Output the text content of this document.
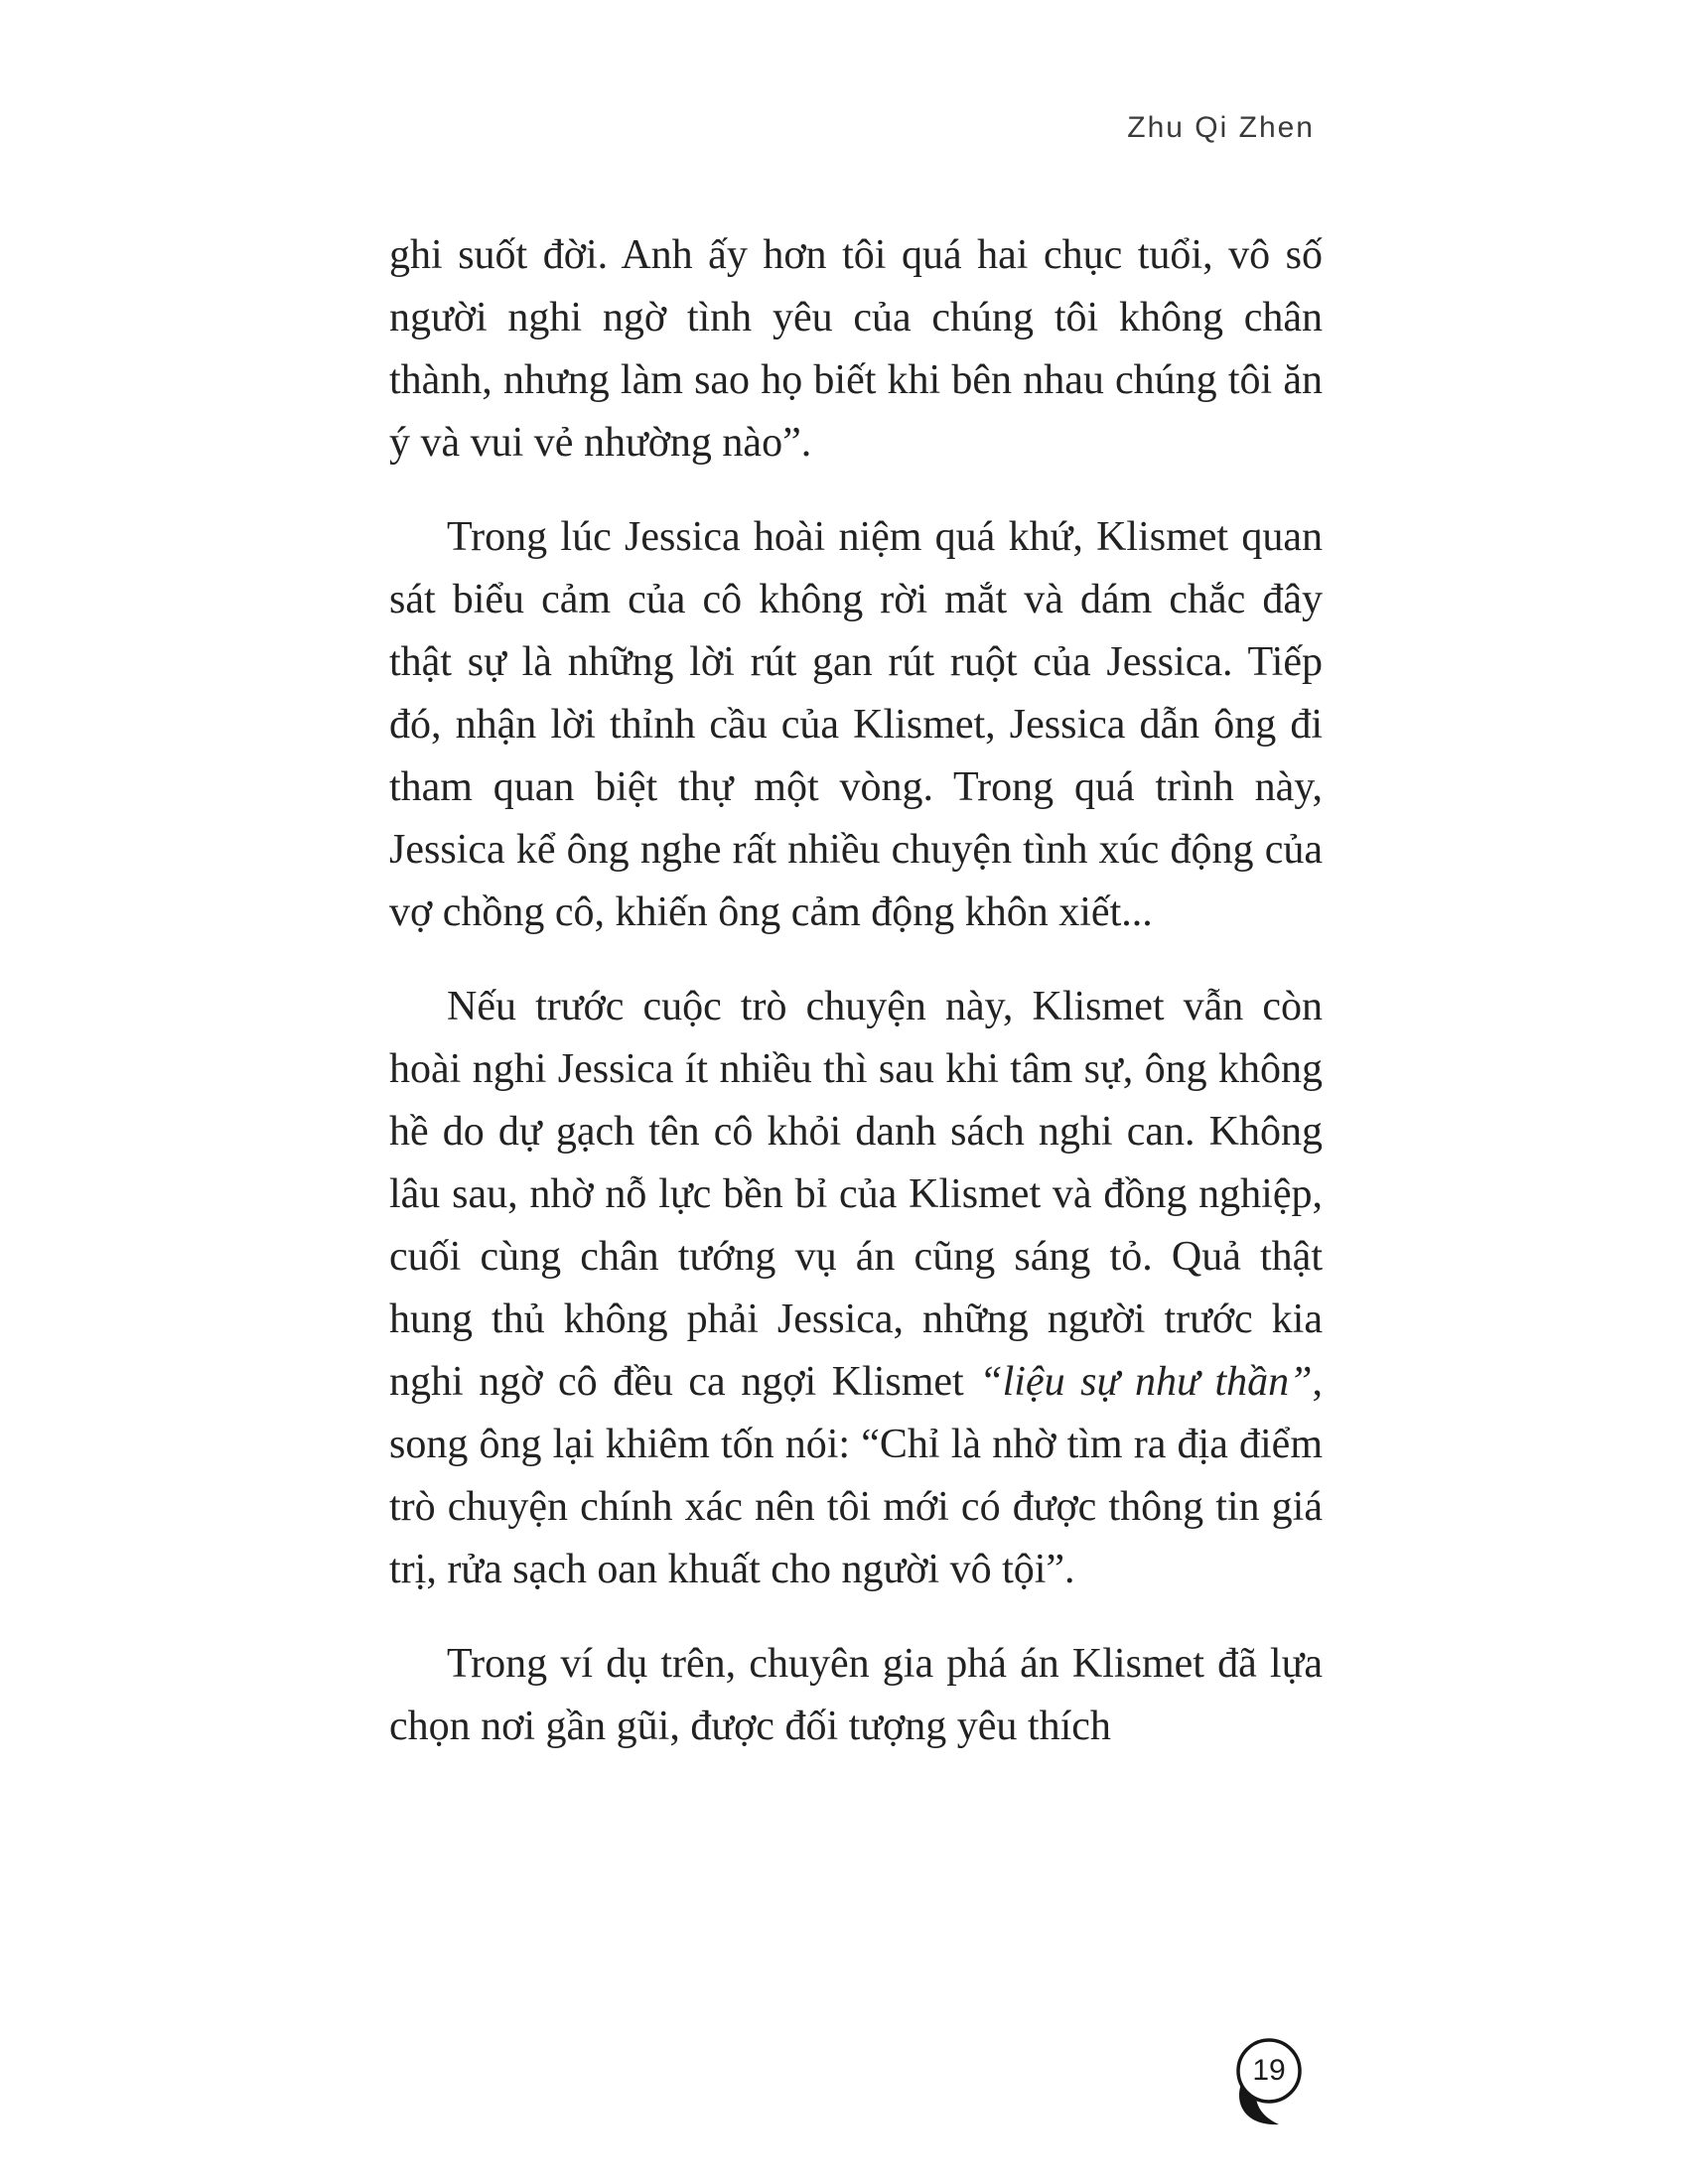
Zhu Qi Zhen

ghi suốt đời. Anh ấy hơn tôi quá hai chục tuổi, vô số người nghi ngờ tình yêu của chúng tôi không chân thành, nhưng làm sao họ biết khi bên nhau chúng tôi ăn ý và vui vẻ nhường nào”.

Trong lúc Jessica hoài niệm quá khứ, Klismet quan sát biểu cảm của cô không rời mắt và dám chắc đây thật sự là những lời rút gan rút ruột của Jessica. Tiếp đó, nhận lời thỉnh cầu của Klismet, Jessica dẫn ông đi tham quan biệt thự một vòng. Trong quá trình này, Jessica kể ông nghe rất nhiều chuyện tình xúc động của vợ chồng cô, khiến ông cảm động khôn xiết...

Nếu trước cuộc trò chuyện này, Klismet vẫn còn hoài nghi Jessica ít nhiều thì sau khi tâm sự, ông không hề do dự gạch tên cô khỏi danh sách nghi can. Không lâu sau, nhờ nỗ lực bền bỉ của Klismet và đồng nghiệp, cuối cùng chân tướng vụ án cũng sáng tỏ. Quả thật hung thủ không phải Jessica, những người trước kia nghi ngờ cô đều ca ngợi Klismet “liệu sự như thần”, song ông lại khiêm tốn nói: “Chỉ là nhờ tìm ra địa điểm trò chuyện chính xác nên tôi mới có được thông tin giá trị, rửa sạch oan khuất cho người vô tội”.

Trong ví dụ trên, chuyên gia phá án Klismet đã lựa chọn nơi gần gũi, được đối tượng yêu thích

19
